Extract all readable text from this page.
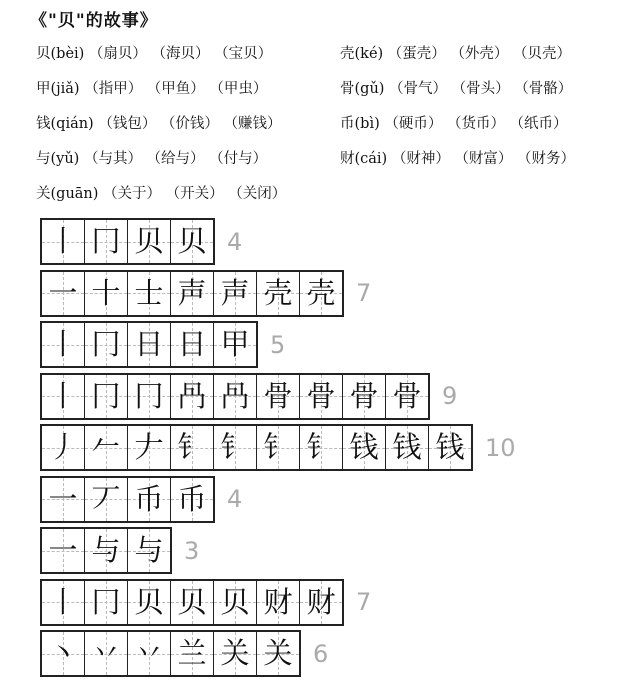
《"贝"的故事》
贝(bèi) （扇贝） （海贝） （宝贝）	壳(ké) （蛋壳） （外壳） （贝壳）
甲(jiǎ) （指甲） （甲鱼） （甲虫）	骨(gǔ) （骨气） （骨头） （骨骼）
钱(qián) （钱包） （价钱） （赚钱）	币(bì) （硬币） （货币） （纸币）
与(yǔ) （与其） （给与） （付与）	财(cái) （财神） （财富） （财务）
关(guān) （关于） （开关） （关闭）
丨 冂 贝 贝 4
一 十 士 声 声 壳 壳 7
丨 冂 日 日 甲 5
丨 冂 冂 冎 冎 骨 骨 骨 骨 9
丿 𠂉 𠂇 钅 钅 钅 钅 钱 钱 钱 10
一 丆 币 币 4
一 与 与 3
丨 冂 贝 贝 贝 财 财 7
丶 丷 丷 兰 关 关 6
